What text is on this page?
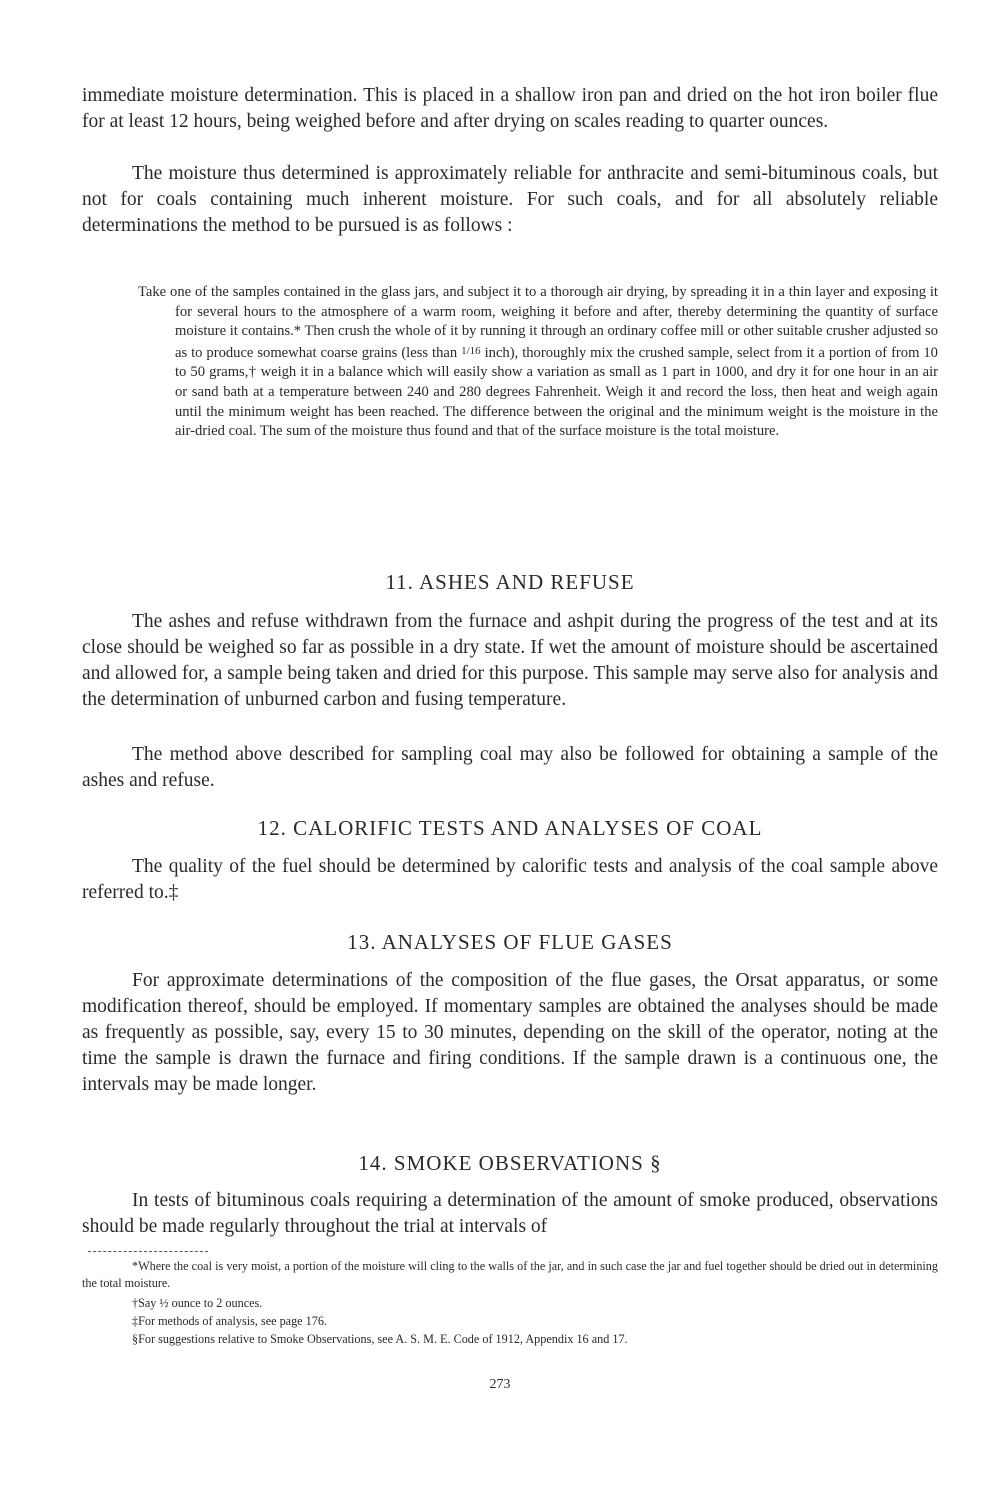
immediate moisture determination. This is placed in a shallow iron pan and dried on the hot iron boiler flue for at least 12 hours, being weighed before and after drying on scales reading to quarter ounces.

The moisture thus determined is approximately reliable for anthracite and semi-bituminous coals, but not for coals containing much inherent moisture. For such coals, and for all absolutely reliable determinations the method to be pursued is as follows :

Take one of the samples contained in the glass jars, and subject it to a thorough air drying, by spreading it in a thin layer and exposing it for several hours to the atmosphere of a warm room, weighing it before and after, thereby determining the quantity of surface moisture it contains.* Then crush the whole of it by running it through an ordinary coffee mill or other suitable crusher adjusted so as to produce somewhat coarse grains (less than $^{1/16}$ inch), thoroughly mix the crushed sample, select from it a portion of from 10 to 50 grams,† weigh it in a balance which will easily show a variation as small as 1 part in 1000, and dry it for one hour in an air or sand bath at a temperature between 240 and 280 degrees Fahrenheit. Weigh it and record the loss, then heat and weigh again until the minimum weight has been reached. The difference between the original and the minimum weight is the moisture in the air-dried coal. The sum of the moisture thus found and that of the surface moisture is the total moisture.

11. ASHES AND REFUSE

The ashes and refuse withdrawn from the furnace and ashpit during the progress of the test and at its close should be weighed so far as possible in a dry state. If wet the amount of moisture should be ascertained and allowed for, a sample being taken and dried for this purpose. This sample may serve also for analysis and the determination of unburned carbon and fusing temperature.

The method above described for sampling coal may also be followed for obtaining a sample of the ashes and refuse.

12. CALORIFIC TESTS AND ANALYSES OF COAL

The quality of the fuel should be determined by calorific tests and analysis of the coal sample above referred to.‡

13. ANALYSES OF FLUE GASES

For approximate determinations of the composition of the flue gases, the Orsat apparatus, or some modification thereof, should be employed. If momentary samples are obtained the analyses should be made as frequently as possible, say, every 15 to 30 minutes, depending on the skill of the operator, noting at the time the sample is drawn the furnace and firing conditions. If the sample drawn is a continuous one, the intervals may be made longer.

14. SMOKE OBSERVATIONS §

In tests of bituminous coals requiring a determination of the amount of smoke produced, observations should be made regularly throughout the trial at intervals of

*Where the coal is very moist, a portion of the moisture will cling to the walls of the jar, and in such case the jar and fuel together should be dried out in determining the total moisture.

†Say ½ ounce to 2 ounces.

‡For methods of analysis, see page 176.

§For suggestions relative to Smoke Observations, see A. S. M. E. Code of 1912, Appendix 16 and 17.

273
